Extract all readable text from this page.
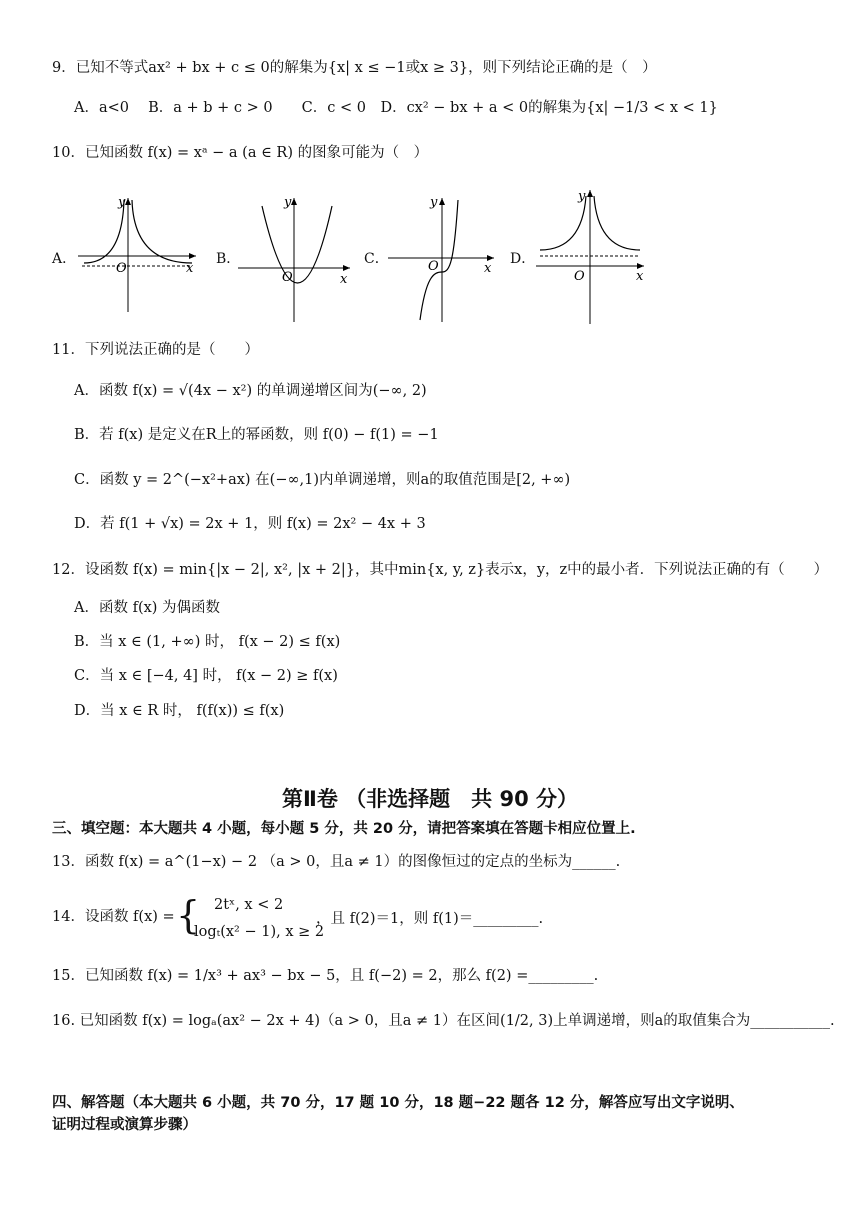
9．已知不等式ax² + bx + c ≤ 0的解集为{x| x ≤ −1或x ≥ 3}，则下列结论正确的是（　）
A．a<0　 B．a + b + c > 0　　C．c < 0　D．cx² − bx + a < 0的解集为{x| −1/3 < x < 1}
10．已知函数 f(x) = xᵃ − a (a ∈ R) 的图象可能为（　）
A．
y
x
O
B．
y
x
O
C．
y
x
O	D．
y
x
O
11．下列说法正确的是（　　）
A．函数 f(x) = √(4x − x²) 的单调递增区间为(−∞, 2)
B．若 f(x) 是定义在R上的幂函数，则 f(0) − f(1) = −1
C．函数 y = 2^(−x²+ax) 在(−∞,1)内单调递增，则a的取值范围是[2, +∞)
D．若 f(1 + √x) = 2x + 1，则 f(x) = 2x² − 4x + 3
12．设函数 f(x) = min{|x − 2|, x², |x + 2|}，其中min{x, y, z}表示x，y，z中的最小者．下列说法正确的有（　　）
A．函数 f(x) 为偶函数
B．当 x ∈ (1, +∞) 时， f(x − 2) ≤ f(x)
C．当 x ∈ [−4, 4] 时， f(x − 2) ≥ f(x)
D．当 x ∈ R 时， f(f(x)) ≤ f(x)
第Ⅱ卷 （非选择题　共 90 分）
三、填空题：本大题共 4 小题，每小题 5 分，共 20 分，请把答案填在答题卡相应位置上.
13．函数 f(x) = a^(1−x) − 2 （a > 0，且a ≠ 1）的图像恒过的定点的坐标为______.
14．设函数 f(x) = { 2tˣ, x < 2
logₜ(x² − 1), x ≥ 2
，且 f(2)＝1，则 f(1)＝_________.
15．已知函数 f(x) = 1/x³ + ax³ − bx − 5，且 f(−2) = 2，那么 f(2) =_________.
16. 已知函数 f(x) = logₐ(ax² − 2x + 4)（a > 0，且a ≠ 1）在区间(1/2, 3)上单调递增，则a的取值集合为___________.
四、解答题（本大题共 6 小题，共 70 分，17 题 10 分，18 题−22 题各 12 分，解答应写出文字说明、
证明过程或演算步骤）
